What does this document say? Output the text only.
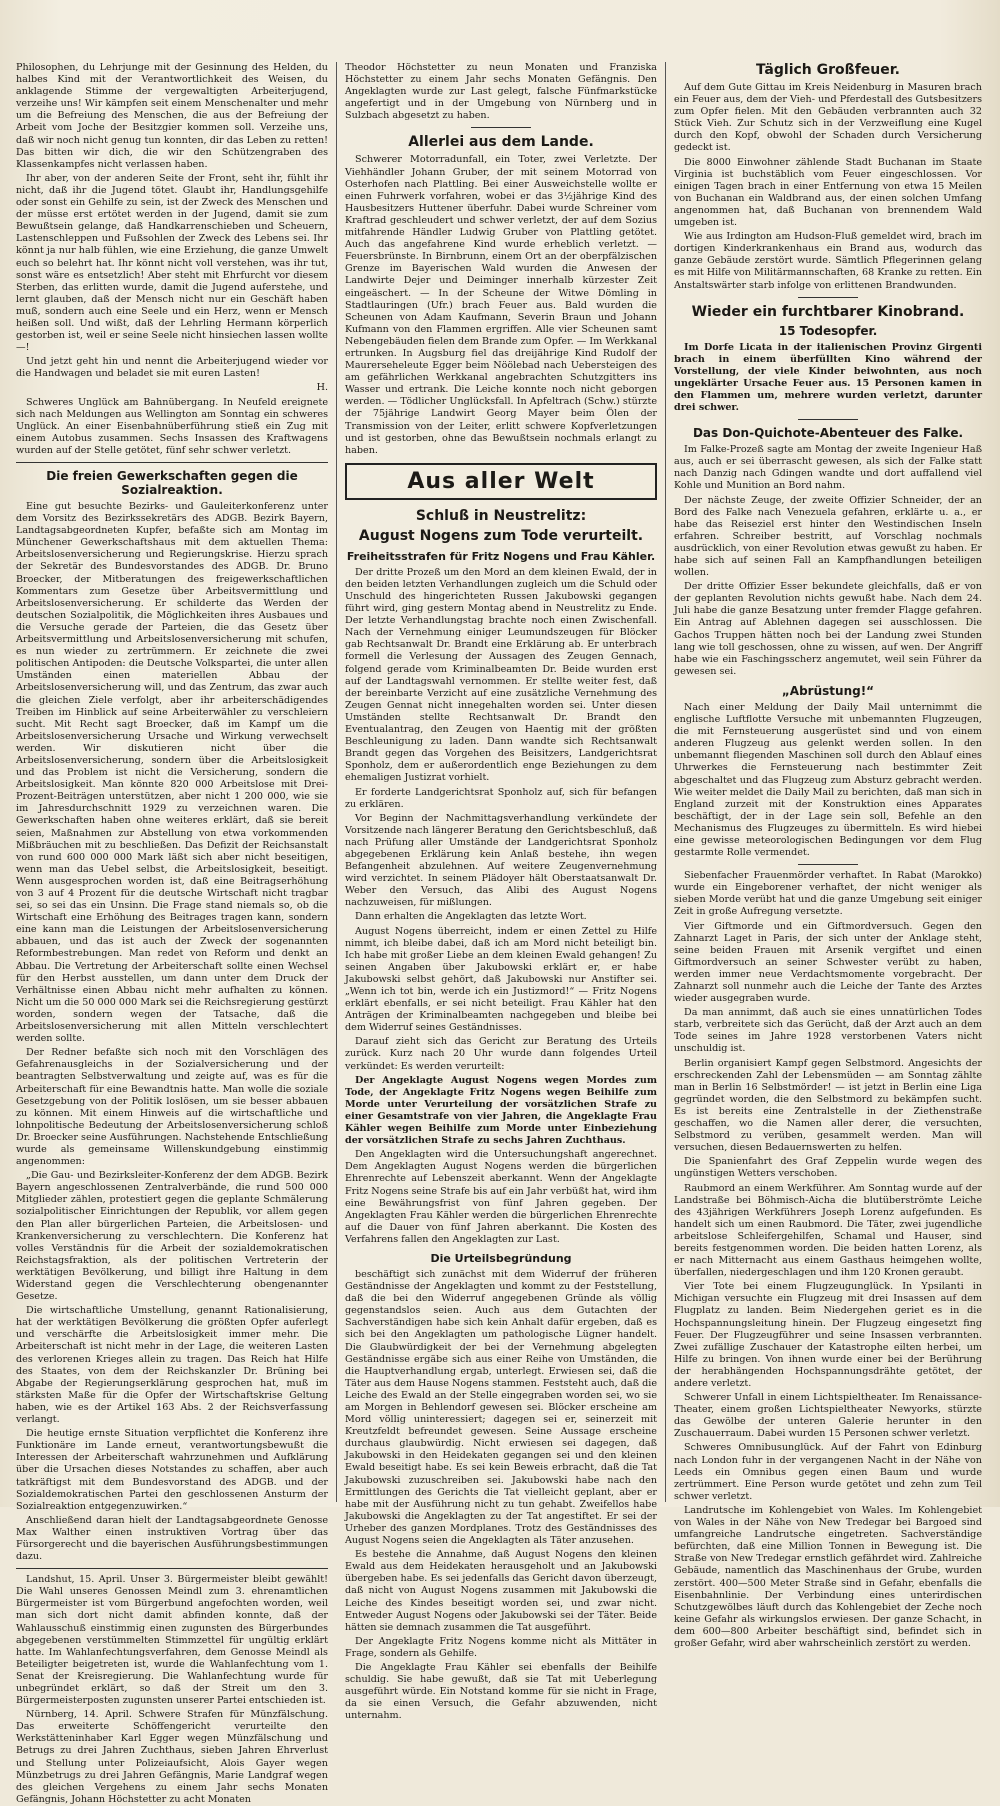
Philosophen, du Lehrjunge mit der Gesinnung des Helden, du halbes Kind mit der Verantwortlichkeit des Weisen, du anklagende Stimme der vergewaltigten Arbeiterjugend, verzeihe uns! Wir kämpfen seit einem Menschenalter und mehr um die Befreiung des Menschen, die aus der Befreiung der Arbeit vom Joche der Besitzgier kommen soll. Verzeihe uns, daß wir noch nicht genug tun konnten, dir das Leben zu retten! Das bitten wir dich, die wir den Schützengraben des Klassenkampfes nicht verlassen haben.

Ihr aber, von der anderen Seite der Front, seht ihr, fühlt ihr nicht, daß ihr die Jugend tötet. Glaubt ihr, Handlungsgehilfe oder sonst ein Gehilfe zu sein, ist der Zweck des Menschen und der müsse erst ertötet werden in der Jugend, damit sie zum Bewußtsein gelange, daß Handkarrenschieben und Scheuern, Lastenschleppen und Fußsohlen der Zweck des Lebens sei. Ihr könnt ja nur halb fühlen, wie eine Erziehung, die ganze Umwelt euch so belehrt hat. Ihr könnt nicht voll verstehen, was ihr tut, sonst wäre es entsetzlich! Aber steht mit Ehrfurcht vor diesem Sterben, das erlitten wurde, damit die Jugend auferstehe, und lernt glauben, daß der Mensch nicht nur ein Geschäft haben muß, sondern auch eine Seele und ein Herz, wenn er Mensch heißen soll. Und wißt, daß der Lehrling Hermann körperlich gestorben ist, weil er seine Seele nicht hinsiechen lassen wollte —!

Und jetzt geht hin und nennt die Arbeiterjugend wieder vor die Handwagen und beladet sie mit euren Lasten!

H.

Schweres Unglück am Bahnübergang. In Neufeld ereignete sich nach Meldungen aus Wellington am Sonntag ein schweres Unglück. An einer Eisenbahnüberführung stieß ein Zug mit einem Autobus zusammen. Sechs Insassen des Kraftwagens wurden auf der Stelle getötet, fünf sehr schwer verletzt.

Die freien Gewerkschaften gegen die Sozialreaktion.

Eine gut besuchte Bezirks- und Gauleiterkonferenz unter dem Vorsitz des Bezirkssekretärs des ADGB. Bezirk Bayern, Landtagsabgeordneten Kupfer, befaßte sich am Montag im Münchener Gewerkschaftshaus mit dem aktuellen Thema: Arbeitslosenversicherung und Regierungskrise. Hierzu sprach der Sekretär des Bundesvorstandes des ADGB. Dr. Bruno Broecker, der Mitberatungen des freigewerkschaftlichen Kommentars zum Gesetze über Arbeitsvermittlung und Arbeitslosenversicherung. Er schilderte das Werden der deutschen Sozialpolitik, die Möglichkeiten ihres Ausbaues und die Versuche gerade der Parteien, die das Gesetz über Arbeitsvermittlung und Arbeitslosenversicherung mit schufen, es nun wieder zu zertrümmern. Er zeichnete die zwei politischen Antipoden: die Deutsche Volkspartei, die unter allen Umständen einen materiellen Abbau der Arbeitslosenversicherung will, und das Zentrum, das zwar auch die gleichen Ziele verfolgt, aber ihr arbeiterschädigendes Treiben im Hinblick auf seine Arbeiterwähler zu verschleiern sucht. Mit Recht sagt Broecker, daß im Kampf um die Arbeitslosenversicherung Ursache und Wirkung verwechselt werden. Wir diskutieren nicht über die Arbeitslosenversicherung, sondern über die Arbeitslosigkeit und das Problem ist nicht die Versicherung, sondern die Arbeitslosigkeit. Man könnte 820 000 Arbeitslose mit Drei-Prozent-Beiträgen unterstützen, aber nicht 1 200 000, wie sie im Jahresdurchschnitt 1929 zu verzeichnen waren. Die Gewerkschaften haben ohne weiteres erklärt, daß sie bereit seien, Maßnahmen zur Abstellung von etwa vorkommenden Mißbräuchen mit zu beschließen. Das Defizit der Reichsanstalt von rund 600 000 000 Mark läßt sich aber nicht beseitigen, wenn man das Uebel selbst, die Arbeitslosigkeit, beseitigt. Wenn ausgesprochen worden ist, daß eine Beitragserhöhung von 3 auf 4 Prozent für die deutsche Wirtschaft nicht tragbar sei, so sei das ein Unsinn. Die Frage stand niemals so, ob die Wirtschaft eine Erhöhung des Beitrages tragen kann, sondern eine kann man die Leistungen der Arbeitslosenversicherung abbauen, und das ist auch der Zweck der sogenannten Reformbestrebungen. Man redet von Reform und denkt an Abbau. Die Vertretung der Arbeiterschaft sollte einen Wechsel für den Herbst ausstellen, um dann unter dem Druck der Verhältnisse einen Abbau nicht mehr aufhalten zu können. Nicht um die 50 000 000 Mark sei die Reichsregierung gestürzt worden, sondern wegen der Tatsache, daß die Arbeitslosenversicherung mit allen Mitteln verschlechtert werden sollte.

Der Redner befaßte sich noch mit den Vorschlägen des Gefahrenausgleichs in der Sozialversicherung und der beantragten Selbstverwaltung und zeigte auf, was es für die Arbeiterschaft für eine Bewandtnis hatte. Man wolle die soziale Gesetzgebung von der Politik loslösen, um sie besser abbauen zu können. Mit einem Hinweis auf die wirtschaftliche und lohnpolitische Bedeutung der Arbeitslosenversicherung schloß Dr. Broecker seine Ausführungen. Nachstehende Entschließung wurde als gemeinsame Willenskundgebung einstimmig angenommen:

„Die Gau- und Bezirksleiter-Konferenz der dem ADGB. Bezirk Bayern angeschlossenen Zentralverbände, die rund 500 000 Mitglieder zählen, protestiert gegen die geplante Schmälerung sozialpolitischer Einrichtungen der Republik, vor allem gegen den Plan aller bürgerlichen Parteien, die Arbeitslosen- und Krankenversicherung zu verschlechtern. Die Konferenz hat volles Verständnis für die Arbeit der sozialdemokratischen Reichstagsfraktion, als der politischen Vertreterin der werktätigen Bevölkerung, und billigt ihre Haltung in dem Widerstand gegen die Verschlechterung obengenannter Gesetze.

Die wirtschaftliche Umstellung, genannt Rationalisierung, hat der werktätigen Bevölkerung die größten Opfer auferlegt und verschärfte die Arbeitslosigkeit immer mehr. Die Arbeiterschaft ist nicht mehr in der Lage, die weiteren Lasten des verlorenen Krieges allein zu tragen. Das Reich hat Hilfe des Staates, von dem der Reichskanzler Dr. Brüning bei Abgabe der Regierungserklärung gesprochen hat, muß im stärksten Maße für die Opfer der Wirtschaftskrise Geltung haben, wie es der Artikel 163 Abs. 2 der Reichsverfassung verlangt.

Die heutige ernste Situation verpflichtet die Konferenz ihre Funktionäre im Lande erneut, verantwortungsbewußt die Interessen der Arbeiterschaft wahrzunehmen und Aufklärung über die Ursachen dieses Notstandes zu schaffen, aber auch tatkräftigst mit dem Bundesvorstand des ADGB. und der Sozialdemokratischen Partei den geschlossenen Ansturm der Sozialreaktion entgegenzuwirken.“

Anschließend daran hielt der Landtagsabgeordnete Genosse Max Walther einen instruktiven Vortrag über das Fürsorgerecht und die bayerischen Ausführungsbestimmungen dazu.

Landshut, 15. April. Unser 3. Bürgermeister bleibt gewählt! Die Wahl unseres Genossen Meindl zum 3. ehrenamtlichen Bürgermeister ist vom Bürgerbund angefochten worden, weil man sich dort nicht damit abfinden konnte, daß der Wahlausschuß einstimmig einen zugunsten des Bürgerbundes abgegebenen verstümmelten Stimmzettel für ungültig erklärt hatte. Im Wahlanfechtungsverfahren, dem Genosse Meindl als Beteiligter beigetreten ist, wurde die Wahlanfechtung vom 1. Senat der Kreisregierung. Die Wahlanfechtung wurde für unbegründet erklärt, so daß der Streit um den 3. Bürgermeisterposten zugunsten unserer Partei entschieden ist.

Nürnberg, 14. April. Schwere Strafen für Münzfälschung. Das erweiterte Schöffengericht verurteilte den Werkstätteninhaber Karl Egger wegen Münzfälschung und Betrugs zu drei Jahren Zuchthaus, sieben Jahren Ehrverlust und Stellung unter Polizeiaufsicht, Alois Gayer wegen Münzbetrugs zu drei Jahren Gefängnis, Marie Landgraf wegen des gleichen Vergehens zu einem Jahr sechs Monaten Gefängnis, Johann Höchstetter zu acht Monaten

Theodor Höchstetter zu neun Monaten und Franziska Höchstetter zu einem Jahr sechs Monaten Gefängnis. Den Angeklagten wurde zur Last gelegt, falsche Fünfmarkstücke angefertigt und in der Umgebung von Nürnberg und in Sulzbach abgesetzt zu haben.

Allerlei aus dem Lande.

Schwerer Motorradunfall, ein Toter, zwei Verletzte. Der Viehhändler Johann Gruber, der mit seinem Motorrad von Osterhofen nach Plattling. Bei einer Ausweichstelle wollte er einen Fuhrwerk vorfahren, wobei er das 3½jährige Kind des Hausbesitzers Huttener überfuhr. Dabei wurde Schreiner vom Kraftrad geschleudert und schwer verletzt, der auf dem Sozius mitfahrende Händler Ludwig Gruber von Plattling getötet. Auch das angefahrene Kind wurde erheblich verletzt. — Feuersbrünste. In Birnbrunn, einem Ort an der oberpfälzischen Grenze im Bayerischen Wald wurden die Anwesen der Landwirte Dejer und Deiminger innerhalb kürzester Zeit eingeäschert. — In der Scheune der Witwe Dömling in Stadtlauringen (Ufr.) brach Feuer aus. Bald wurden die Scheunen von Adam Kaufmann, Severin Braun und Johann Kufmann von den Flammen ergriffen. Alle vier Scheunen samt Nebengebäuden fielen dem Brande zum Opfer. — Im Werkkanal ertrunken. In Augsburg fiel das dreijährige Kind Rudolf der Maurerseheleute Egger beim Nöölebad nach Uebersteigen des am gefährlichen Werkkanal angebrachten Schutzgitters ins Wasser und ertrank. Die Leiche konnte noch nicht geborgen werden. — Tödlicher Unglücksfall. In Apfeltrach (Schw.) stürzte der 75jährige Landwirt Georg Mayer beim Ölen der Transmission von der Leiter, erlitt schwere Kopfverletzungen und ist gestorben, ohne das Bewußtsein nochmals erlangt zu haben.

Aus aller Welt
Schluß in Neustrelitz:
August Nogens zum Tode verurteilt.
Freiheitsstrafen für Fritz Nogens und Frau Kähler.

Der dritte Prozeß um den Mord an dem kleinen Ewald, der in den beiden letzten Verhandlungen zugleich um die Schuld oder Unschuld des hingerichteten Russen Jakubowski gegangen führt wird, ging gestern Montag abend in Neustrelitz zu Ende. Der letzte Verhandlungstag brachte noch einen Zwischenfall. Nach der Vernehmung einiger Leumundszeugen für Blöcker gab Rechtsanwalt Dr. Brandt eine Erklärung ab. Er unterbrach formell die Verlesung der Aussagen des Zeugen Gennach, folgend gerade vom Kriminalbeamten Dr. Beide wurden erst auf der Landtagswahl vernommen. Er stellte weiter fest, daß der bereinbarte Verzicht auf eine zusätzliche Vernehmung des Zeugen Gennat nicht innegehalten worden sei. Unter diesen Umständen stellte Rechtsanwalt Dr. Brandt den Eventualantrag, den Zeugen von Haentig mit der größten Beschleunigung zu laden. Dann wandte sich Rechtsanwalt Brandt gegen das Vorgehen des Beisitzers, Landgerichtsrat Sponholz, dem er außerordentlich enge Beziehungen zu dem ehemaligen Justizrat vorhielt.

Er forderte Landgerichtsrat Sponholz auf, sich für befangen zu erklären.

Vor Beginn der Nachmittagsverhandlung verkündete der Vorsitzende nach längerer Beratung den Gerichtsbeschluß, daß nach Prüfung aller Umstände der Landgerichtsrat Sponholz abgegebenen Erklärung kein Anlaß bestehe, ihn wegen Befangenheit abzulehnen. Auf weitere Zeugenvernehmung wird verzichtet. In seinem Plädoyer hält Oberstaatsanwalt Dr. Weber den Versuch, das Alibi des August Nogens nachzuweisen, für mißlungen.

Dann erhalten die Angeklagten das letzte Wort.

August Nogens überreicht, indem er einen Zettel zu Hilfe nimmt, ich bleibe dabei, daß ich am Mord nicht beteiligt bin. Ich habe mit großer Liebe an dem kleinen Ewald gehangen! Zu seinen Angaben über Jakubowski erklärt er, er habe Jakubowski selbst gehört, daß Jakubowski nur Anstifter sei. „Wenn ich tot bin, werde ich ein Justizmord!“ — Fritz Nogens erklärt ebenfalls, er sei nicht beteiligt. Frau Kähler hat den Anträgen der Kriminalbeamten nachgegeben und bleibe bei dem Widerruf seines Geständnisses.

Darauf zieht sich das Gericht zur Beratung des Urteils zurück. Kurz nach 20 Uhr wurde dann folgendes Urteil verkündet: Es werden verurteilt:

Der Angeklagte August Nogens wegen Mordes zum Tode, der Angeklagte Fritz Nogens wegen Beihilfe zum Morde unter Verurteilung der vorsätzlichen Strafe zu einer Gesamtstrafe von vier Jahren, die Angeklagte Frau Kähler wegen Beihilfe zum Morde unter Einbeziehung der vorsätzlichen Strafe zu sechs Jahren Zuchthaus.

Den Angeklagten wird die Untersuchungshaft angerechnet. Dem Angeklagten August Nogens werden die bürgerlichen Ehrenrechte auf Lebenszeit aberkannt. Wenn der Angeklagte Fritz Nogens seine Strafe bis auf ein Jahr verbüßt hat, wird ihm eine Bewährungsfrist von fünf Jahren gegeben. Der Angeklagten Frau Kähler werden die bürgerlichen Ehrenrechte auf die Dauer von fünf Jahren aberkannt. Die Kosten des Verfahrens fallen den Angeklagten zur Last.

Die Urteilsbegründung

beschäftigt sich zunächst mit dem Widerruf der früheren Geständnisse der Angeklagten und kommt zu der Feststellung, daß die bei den Widerruf angegebenen Gründe als völlig gegenstandslos seien. Auch aus dem Gutachten der Sachverständigen habe sich kein Anhalt dafür ergeben, daß es sich bei den Angeklagten um pathologische Lügner handelt. Die Glaubwürdigkeit der bei der Vernehmung abgelegten Geständnisse ergäbe sich aus einer Reihe von Umständen, die die Hauptverhandlung ergab, unterlegt. Erwiesen sei, daß die Täter aus dem Hause Nogens stammen. Feststeht auch, daß die Leiche des Ewald an der Stelle eingegraben worden sei, wo sie am Morgen in Behlendorf gewesen sei. Blöcker erscheine am Mord völlig uninteressiert; dagegen sei er, seinerzeit mit Kreutzfeldt befreundet gewesen. Seine Aussage erscheine durchaus glaubwürdig. Nicht erwiesen sei dagegen, daß Jakubowski in den Heidekaten gegangen sei und den kleinen Ewald beseitigt habe. Es sei kein Beweis erbracht, daß die Tat Jakubowski zuzuschreiben sei. Jakubowski habe nach den Ermittlungen des Gerichts die Tat vielleicht geplant, aber er habe mit der Ausführung nicht zu tun gehabt. Zweifellos habe Jakubowski die Angeklagten zu der Tat angestiftet. Er sei der Urheber des ganzen Mordplanes. Trotz des Geständnisses des August Nogens seien die Angeklagten als Täter anzusehen.

Es bestehe die Annahme, daß August Nogens den kleinen Ewald aus dem Heidekaten herausgeholt und an Jakubowski übergeben habe. Es sei jedenfalls das Gericht davon überzeugt, daß nicht von August Nogens zusammen mit Jakubowski die Leiche des Kindes beseitigt worden sei, und zwar nicht. Entweder August Nogens oder Jakubowski sei der Täter. Beide hätten sie demnach zusammen die Tat ausgeführt.

Der Angeklagte Fritz Nogens komme nicht als Mittäter in Frage, sondern als Gehilfe.

Die Angeklagte Frau Kähler sei ebenfalls der Beihilfe schuldig. Sie habe gewußt, daß sie Tat mit Ueberlegung ausgeführt würde. Ein Notstand komme für sie nicht in Frage, da sie einen Versuch, die Gefahr abzuwenden, nicht unternahm.

Täglich Großfeuer.

Auf dem Gute Gittau im Kreis Neidenburg in Masuren brach ein Feuer aus, dem der Vieh- und Pferdestall des Gutsbesitzers zum Opfer fielen. Mit den Gebäuden verbrannten auch 32 Stück Vieh. Zur Schutz sich in der Verzweiflung eine Kugel durch den Kopf, obwohl der Schaden durch Versicherung gedeckt ist.

Die 8000 Einwohner zählende Stadt Buchanan im Staate Virginia ist buchstäblich vom Feuer eingeschlossen. Vor einigen Tagen brach in einer Entfernung von etwa 15 Meilen von Buchanan ein Waldbrand aus, der einen solchen Umfang angenommen hat, daß Buchanan von brennendem Wald umgeben ist.

Wie aus Irdington am Hudson-Fluß gemeldet wird, brach im dortigen Kinderkrankenhaus ein Brand aus, wodurch das ganze Gebäude zerstört wurde. Sämtlich Pflegerinnen gelang es mit Hilfe von Militärmannschaften, 68 Kranke zu retten. Ein Anstaltswärter starb infolge von erlittenen Brandwunden.

Wieder ein furchtbarer Kinobrand.
15 Todesopfer.

Im Dorfe Licata in der italienischen Provinz Girgenti brach in einem überfüllten Kino während der Vorstellung, der viele Kinder beiwohnten, aus noch ungeklärter Ursache Feuer aus. 15 Personen kamen in den Flammen um, mehrere wurden verletzt, darunter drei schwer.

Das Don-Quichote-Abenteuer des Falke.

Im Falke-Prozeß sagte am Montag der zweite Ingenieur Haß aus, auch er sei überrascht gewesen, als sich der Falke statt nach Danzig nach Gdingen wandte und dort auffallend viel Kohle und Munition an Bord nahm.

Der nächste Zeuge, der zweite Offizier Schneider, der an Bord des Falke nach Venezuela gefahren, erklärte u. a., er habe das Reiseziel erst hinter den Westindischen Inseln erfahren. Schreiber bestritt, auf Vorschlag nochmals ausdrücklich, von einer Revolution etwas gewußt zu haben. Er habe sich auf seinen Fall an Kampfhandlungen beteiligen wollen.

Der dritte Offizier Esser bekundete gleichfalls, daß er von der geplanten Revolution nichts gewußt habe. Nach dem 24. Juli habe die ganze Besatzung unter fremder Flagge gefahren. Ein Antrag auf Ablehnen dagegen sei ausschlossen. Die Gachos Truppen hätten noch bei der Landung zwei Stunden lang wie toll geschossen, ohne zu wissen, auf wen. Der Angriff habe wie ein Faschingsscherz angemutet, weil sein Führer da gewesen sei.

„Abrüstung!“

Nach einer Meldung der Daily Mail unternimmt die englische Luftflotte Versuche mit unbemannten Flugzeugen, die mit Fernsteuerung ausgerüstet sind und von einem anderen Flugzeug aus gelenkt werden sollen. In den unbemannt fliegenden Maschinen soll durch den Ablauf eines Uhrwerkes die Fernsteuerung nach bestimmter Zeit abgeschaltet und das Flugzeug zum Absturz gebracht werden. Wie weiter meldet die Daily Mail zu berichten, daß man sich in England zurzeit mit der Konstruktion eines Apparates beschäftigt, der in der Lage sein soll, Befehle an den Mechanismus des Flugzeuges zu übermitteln. Es wird hiebei eine gewisse meteorologischen Bedingungen vor dem Flug gestarmte Rolle vermendet.

Siebenfacher Frauenmörder verhaftet. In Rabat (Marokko) wurde ein Eingeborener verhaftet, der nicht weniger als sieben Morde verübt hat und die ganze Umgebung seit einiger Zeit in große Aufregung versetzte.

Vier Giftmorde und ein Giftmordversuch. Gegen den Zahnarzt Laget in Paris, der sich unter der Anklage steht, seine beiden Frauen mit Arsenik vergiftet und einen Giftmordversuch an seiner Schwester verübt zu haben, werden immer neue Verdachtsmomente vorgebracht. Der Zahnarzt soll nunmehr auch die Leiche der Tante des Arztes wieder ausgegraben wurde.

Da man annimmt, daß auch sie eines unnatürlichen Todes starb, verbreitete sich das Gerücht, daß der Arzt auch an dem Tode seines im Jahre 1928 verstorbenen Vaters nicht unschuldig ist.

Berlin organisiert Kampf gegen Selbstmord. Angesichts der erschreckenden Zahl der Lebensmüden — am Sonntag zählte man in Berlin 16 Selbstmörder! — ist jetzt in Berlin eine Liga gegründet worden, die den Selbstmord zu bekämpfen sucht. Es ist bereits eine Zentralstelle in der Ziethenstraße geschaffen, wo die Namen aller derer, die versuchten, Selbstmord zu verüben, gesammelt werden. Man will versuchen, diesen Bedauernswerten zu helfen.

Die Spanienfahrt des Graf Zeppelin wurde wegen des ungünstigen Wetters verschoben.

Raubmord an einem Werkführer. Am Sonntag wurde auf der Landstraße bei Böhmisch-Aicha die blutüberströmte Leiche des 43jährigen Werkführers Joseph Lorenz aufgefunden. Es handelt sich um einen Raubmord. Die Täter, zwei jugendliche arbeitslose Schleifergehilfen, Schamal und Hauser, sind bereits festgenommen worden. Die beiden hatten Lorenz, als er nach Mitternacht aus einem Gasthaus heimgehen wollte, überfallen, niedergeschlagen und ihm 120 Kronen geraubt.

Vier Tote bei einem Flugzeugunglück. In Ypsilanti in Michigan versuchte ein Flugzeug mit drei Insassen auf dem Flugplatz zu landen. Beim Niedergehen geriet es in die Hochspannungsleitung hinein. Der Flugzeug eingesetzt fing Feuer. Der Flugzeugführer und seine Insassen verbrannten. Zwei zufällige Zuschauer der Katastrophe eilten herbei, um Hilfe zu bringen. Von ihnen wurde einer bei der Berührung der herabhängenden Hochspannungsdrähte getötet, der andere verletzt.

Schwerer Unfall in einem Lichtspieltheater. Im Renaissance-Theater, einem großen Lichtspieltheater Newyorks, stürzte das Gewölbe der unteren Galerie herunter in den Zuschauerraum. Dabei wurden 15 Personen schwer verletzt.

Schweres Omnibusunglück. Auf der Fahrt von Edinburg nach London fuhr in der vergangenen Nacht in der Nähe von Leeds ein Omnibus gegen einen Baum und wurde zertrümmert. Eine Person wurde getötet und zehn zum Teil schwer verletzt.

Landrutsche im Kohlengebiet von Wales. Im Kohlengebiet von Wales in der Nähe von New Tredegar bei Bargoed sind umfangreiche Landrutsche eingetreten. Sachverständige befürchten, daß eine Million Tonnen in Bewegung ist. Die Straße von New Tredegar ernstlich gefährdet wird. Zahlreiche Gebäude, namentlich das Maschinenhaus der Grube, wurden zerstört. 400—500 Meter Straße sind in Gefahr, ebenfalls die Eisenbahnlinie. Der Verbindung eines unterirdischen Schutzgewölbes läuft durch das Kohlengebiet der Zeche noch keine Gefahr als wirkungslos erwiesen. Der ganze Schacht, in dem 600—800 Arbeiter beschäftigt sind, befindet sich in großer Gefahr, wird aber wahrscheinlich zerstört zu werden.
